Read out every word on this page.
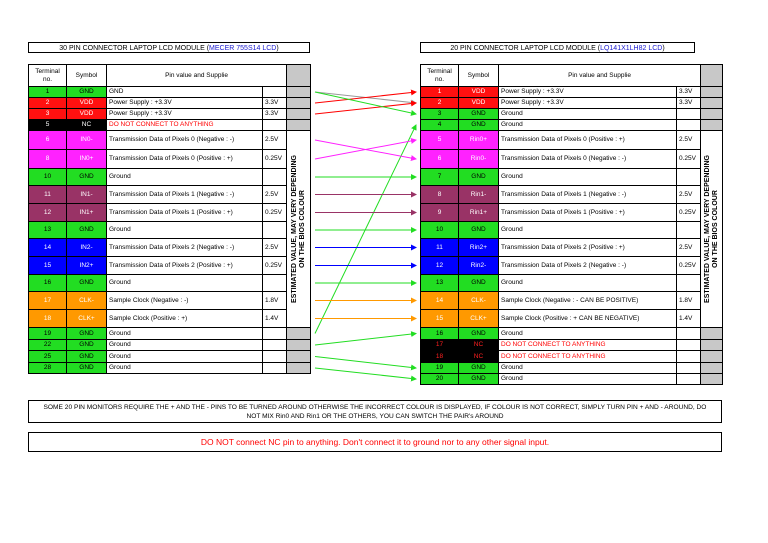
30 PIN CONNECTOR LAPTOP LCD MODULE (MECER 755S14 LCD)	20 PIN CONNECTOR LAPTOP LCD MODULE (LQ141X1LH82 LCD)
Terminal no.	Symbol	Pin value and Supplie		
1	GND	GND		
2	VDD	Power Supply : +3.3V	3.3V	
3	VDD	Power Supply : +3.3V	3.3V	
5	NC	DO NOT CONNECT TO ANYTHING		
6	IN0-	Transmission Data of Pixels 0 (Negative : -)	2.5V	ESTIMATED VALUE, MAY VERY DEPENDING ON THE BIOS COLOUR

8	IN0+	Transmission Data of Pixels 0 (Positive : +)	0.25V	
10	GND	Ground		
11	IN1-	Transmission Data of Pixels 1 (Negative : -)	2.5V	
12	IN1+	Transmission Data of Pixels 1 (Positive : +)	0.25V	
13	GND	Ground		
14	IN2-	Transmission Data of Pixels 2 (Negative : -)	2.5V	
15	IN2+	Transmission Data of Pixels 2 (Positive : +)	0.25V	
16	GND	Ground		
17	CLK-	Sample Clock (Negative : -)	1.8V	
18	CLK+	Sample Clock (Positive : +)	1.4V	
19	GND	Ground		
22	GND	Ground		
25	GND	Ground		
28	GND	Ground		
Terminal no.	Symbol	Pin value and Supplie		
1	VDD	Power Supply : +3.3V	3.3V	
2	VDD	Power Supply : +3.3V	3.3V	
3	GND	Ground		
4	GND	Ground		
5	Rin0+	Transmission Data of Pixels 0 (Positive : +)	2.5V	ESTIMATED VALUE, MAY VERY DEPENDING ON THE BIOS COLOUR

6	Rin0-	Transmission Data of Pixels 0 (Negative : -)	0.25V	
7	GND	Ground		
8	Rin1-	Transmission Data of Pixels 1 (Negative : -)	2.5V	
9	Rin1+	Transmission Data of Pixels 1 (Positive : +)	0.25V	
10	GND	Ground		
11	Rin2+	Transmission Data of Pixels 2 (Positive : +)	2.5V	
12	Rin2-	Transmission Data of Pixels 2 (Negative : -)	0.25V	
13	GND	Ground		
14	CLK-	Sample Clock (Negative : - CAN BE POSITIVE)	1.8V	
15	CLK+	Sample Clock (Positive : + CAN BE NEGATIVE)	1.4V	
16	GND	Ground		
17	NC	DO NOT CONNECT TO ANYTHING		
18	NC	DO NOT CONNECT TO ANYTHING		
19	GND	Ground		
20	GND	Ground		
SOME 20 PIN MONITORS REQUIRE THE + AND THE - PINS TO BE TURNED AROUND OTHERWISE THE INCORRECT COLOUR IS DISPLAYED, IF COLOUR IS NOT CORRECT, SIMPLY TURN PIN + AND - AROUND, DO NOT MIX Rin0 AND Rin1 OR THE OTHERS, YOU CAN SWITCH THE PAIR's AROUND
DO NOT connect NC pin to anything. Don't connect it to ground nor to any other signal input.
